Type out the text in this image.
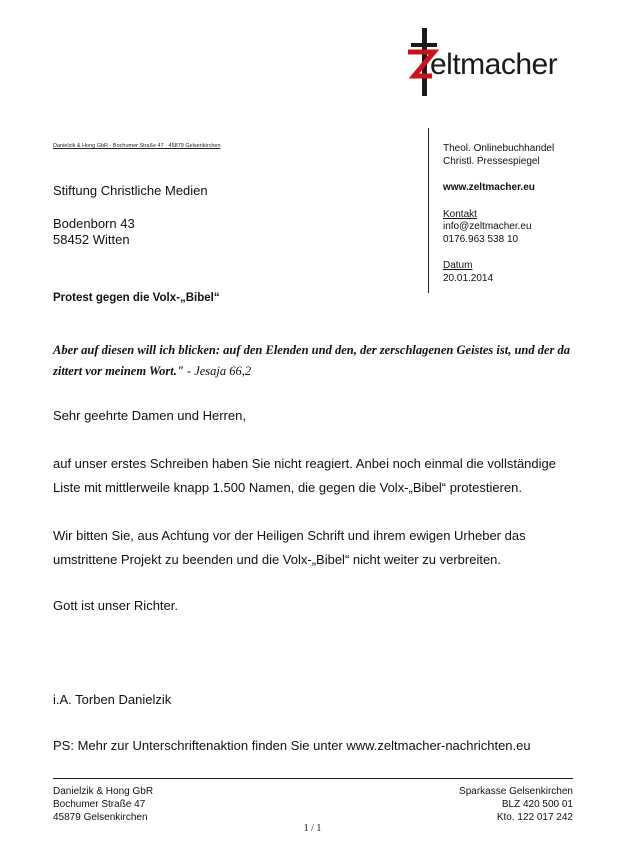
eltmacher
Danielzik & Hong GbR · Bochumer Straße 47 · 45879 Gelsenkirchen
Stiftung Christliche Medien
Bodenborn 43
58452 Witten
Theol. Onlinebuchhandel
Christl. Pressespiegel
www.zeltmacher.eu
Kontakt
info@zeltmacher.eu
0176.963 538 10
Datum
20.01.2014
Protest gegen die Volx-„Bibel“
Aber auf diesen will ich blicken: auf den Elenden und den, der zerschlagenen Geistes ist, und der da zittert vor meinem Wort." - Jesaja 66,2
Sehr geehrte Damen und Herren,
auf unser erstes Schreiben haben Sie nicht reagiert. Anbei noch einmal die vollständige Liste mit mittlerweile knapp 1.500 Namen, die gegen die Volx-„Bibel“ protestieren.
Wir bitten Sie, aus Achtung vor der Heiligen Schrift und ihrem ewigen Urheber das umstrittene Projekt zu beenden und die Volx-„Bibel“ nicht weiter zu verbreiten.
Gott ist unser Richter.
i.A. Torben Danielzik
PS: Mehr zur Unterschriftenaktion finden Sie unter www.zeltmacher-nachrichten.eu
Danielzik & Hong GbR
Bochumer Straße 47
45879 Gelsenkirchen
Sparkasse Gelsenkirchen
BLZ 420 500 01
Kto. 122 017 242
1 / 1
